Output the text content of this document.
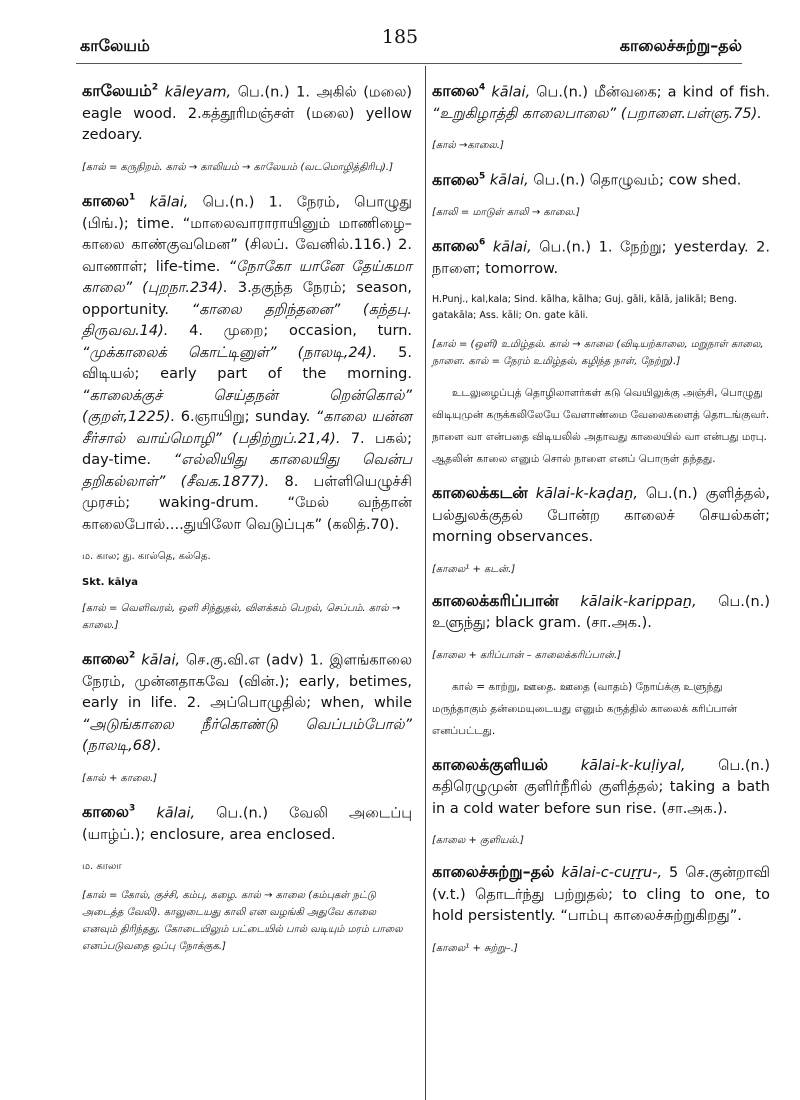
காலேயம்	185	காலைச்சுற்று–தல்

காலேயம்$^2$ kāleyam, பெ.(n.) 1. அகில் (மலை) eagle wood. 2.கத்தூரிமஞ்சள் (மலை) yellow zedoary.

[கால் = கருநிறம். கால் → காலியம் → காலேயம் (வடமொழித்திரிபு).]

காலை$^1$ kālai, பெ.(n.) 1. நேரம், பொழுது (பிங்.); time. “மாலைவாராராயினும் மாணிழை–காலை காண்குவமென” (சிலப். வேனில்.116.) 2. வாணாள்; life-time. “நோகோ யானே தேய்கமா காலை” (புறநா.234). 3.தகுந்த நேரம்; season, opportunity. “காலை தறிந்தனை” (கந்தபு. திருவவ.14). 4. முறை; occasion, turn. “முக்காலைக் கொட்டினுள்” (நாலடி,24). 5. விடியல்; early part of the morning. “காலைக்குச் செய்தநன் றென்கொல்” (குறள்,1225). 6.ஞாயிறு; sunday. “காலை யன்ன சீர்சால் வாய்மொழி” (பதிற்றுப்.21,4). 7. பகல்; day-time. “எல்லியிது காலையிது வென்ப தறிகல்லாள்” (சீவக.1877). 8. பள்ளியெழுச்சி முரசம்; waking-drum. “மேல் வந்தான் காலைபோல்....துயிலோ வெடுப்புக” (கலித்.70).

ம. கால; து. கால்தெ, கல்தெ.

Skt. kālya

[கால் = வெளிவரல், ஒளி சிந்துதல், விளக்கம் பெறல், செப்பம். கால் → காலை.]

காலை$^2$ kālai, செ.கு.வி.எ (adv) 1. இளங்காலை நேரம், முன்னதாகவே (வின்.); early, betimes, early in life. 2. அப்பொழுதில்; when, while “அடுங்காலை நீர்கொண்டு வெப்பம்போல்” (நாலடி,68).

[கால் + காலை.]

காலை$^3$ kālai, பெ.(n.) வேலி அடைப்பு (யாழ்ப்.); enclosure, area enclosed.

ம. காலா

[கால் = கோல், குச்சி, கம்பு, கழை. கால் → காலை (கம்புகள் நட்டு அடைத்த வேலி). காலுடையது காலி என வழங்கி அதுவே காலை எனவும் திரிந்தது. கோடையிலும் பட்டையில் பால் வடியும் மரம் பாலை எனப்படுவதை ஒப்பு நோக்குக.]

காலை$^4$ kālai, பெ.(n.) மீன்வகை; a kind of fish. “உறுகிழாத்தி காலைபாலை” (பறாளை.பள்ளு.75).

[கால் →காலை.]

காலை$^5$ kālai, பெ.(n.) தொழுவம்; cow shed.

[காலி = மாடுள் காலி → காலை.]

காலை$^6$ kālai, பெ.(n.) 1. நேற்று; yesterday. 2. நாளை; tomorrow.

H.Punj., kal,kala; Sind. kālha, kālha; Guj. gāli, kālā, jalikāl; Beng. gatakāla; Ass. kāli; On. gate kāli.

[கால் = (ஒளி) உமிழ்தல். கால் → காலை (விடியற்காலை, மறுநாள் காலை, நாளை. கால் = நேரம் உமிழ்தல், கழிந்த நாள், நேற்று).]

உடலுழைப்புத் தொழிலாளர்கள் கடு வெயிலுக்கு அஞ்சி, பொழுது விடியுமுன் கருக்கலிலேயே வேளாண்மை வேலைகளைத் தொடங்குவர். நாளை வா என்பதை விடியலில் அதாவது காலையில் வா என்பது மரபு. ஆதலின் காலை எனும் சொல் நாளை எனப் பொருள் தந்தது.

காலைக்கடன் kālai-k-kaḍaṉ, பெ.(n.) குளித்தல், பல்துலக்குதல் போன்ற காலைச் செயல்கள்; morning observances.

[காலை¹ + கடன்.]

காலைக்கரிப்பான் kālaik-karippaṉ, பெ.(n.) உளுந்து; black gram. (சா.அக.).

[காலை + கரிப்பான் – காலைக்கரிப்பான்.]

கால் = காற்று, ஊதை. ஊதை (வாதம்) நோய்க்கு உளுந்து மருந்தாகும் தன்மையுடையது எனும் கருத்தில் காலைக் கரிப்பான் எனப்பட்டது.

காலைக்குளியல் kālai-k-kuḷiyal, பெ.(n.) கதிரெழுமுன் குளிர்நீரில் குளித்தல்; taking a bath in a cold water before sun rise. (சா.அக.).

[காலை + குளியல்.]

காலைச்சுற்று–தல் kālai-c-cuṟṟu-, 5 செ.குன்றாவி (v.t.) தொடர்ந்து பற்றுதல்; to cling to one, to hold persistently. “பாம்பு காலைச்சுற்றுகிறது”.

[காலை¹ + சுற்று–.]
